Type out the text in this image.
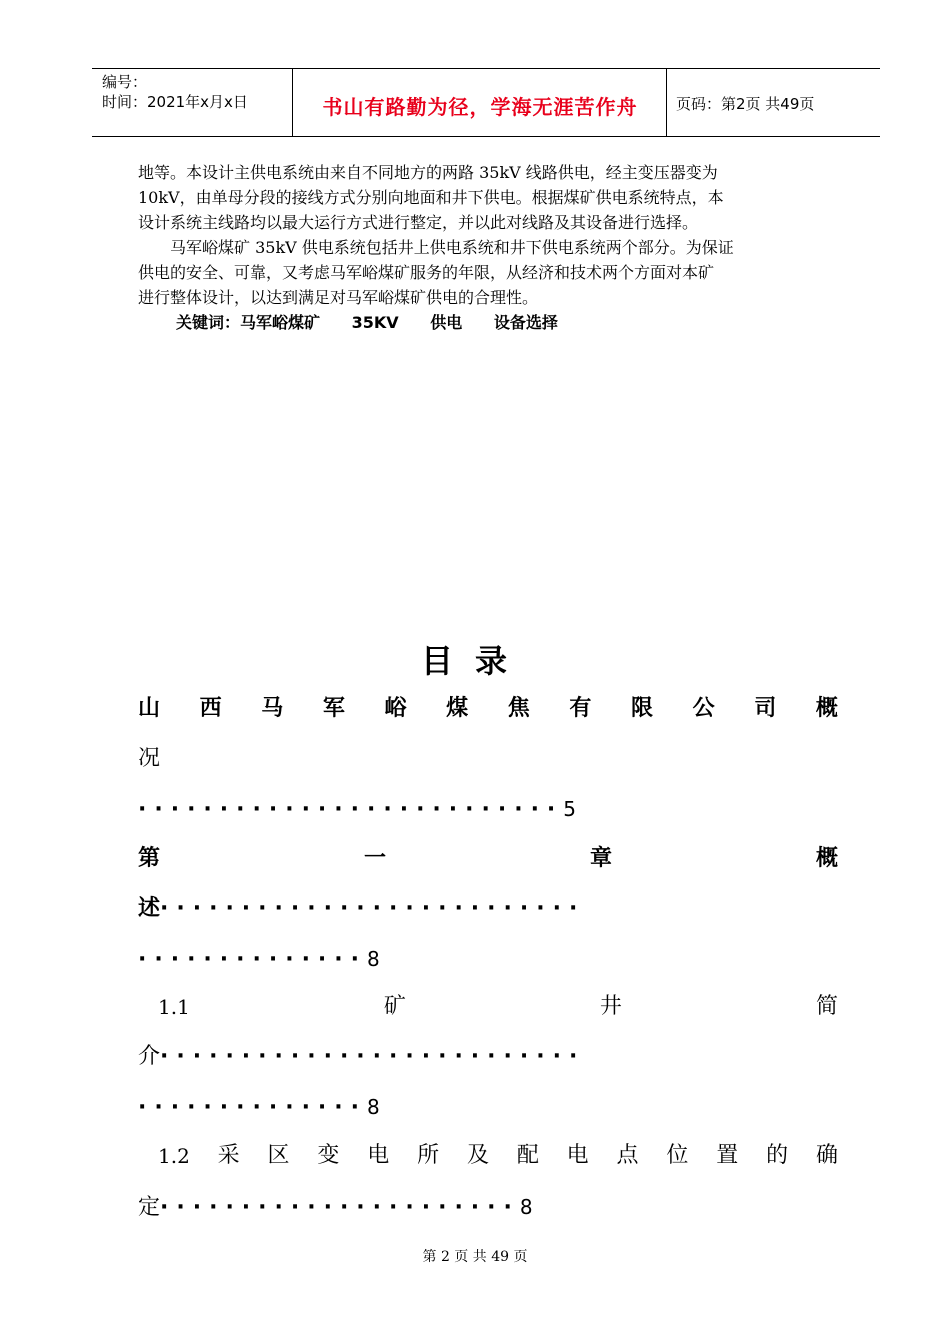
编号：
时间：2021年x月x日	书山有路勤为径，学海无涯苦作舟	页码：第2页 共49页
地等。本设计主供电系统由来自不同地方的两路 35kV 线路供电，经主变压器变为
10kV，由单母分段的接线方式分别向地面和井下供电。根据煤矿供电系统特点，本
设计系统主线路均以最大运行方式进行整定，并以此对线路及其设备进行选择。
　　马军峪煤矿 35kV 供电系统包括井上供电系统和井下供电系统两个部分。为保证
供电的安全、可靠，又考虑马军峪煤矿服务的年限，从经济和技术两个方面对本矿
进行整体设计，以达到满足对马军峪煤矿供电的合理性。
关键词：马军峪煤矿 35KV 供电 设备选择
目录
山 西 马 军 峪 煤 焦 有 限 公 司 概
况
··························5
第	一	章	概
述··························
··············8
1.1	矿	井	简
介··························
··············8
1.2 采 区 变 电 所 及 配 电 点 位 置 的 确
定······················8
第 2 页 共 49 页
